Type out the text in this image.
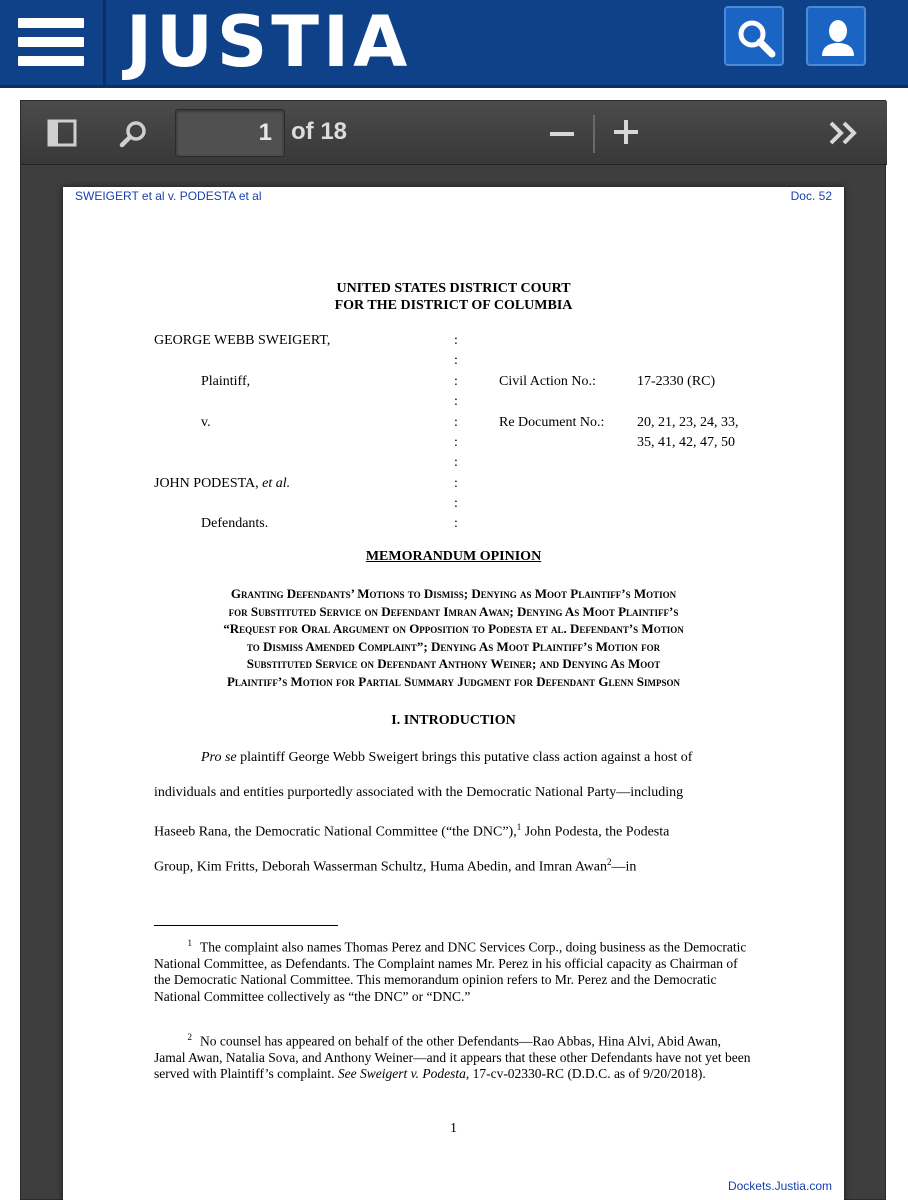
JUSTIA
1
of 18
SWEIGERT et al v. PODESTA et al	Doc. 52
UNITED STATES DISTRICT COURT
FOR THE DISTRICT OF COLUMBIA
GEORGE WEBB SWEIGERT,
Plaintiff,
v.
JOHN PODESTA, et al.
Defendants.
:
:
:
:
:
:
:
:
:
:
Civil Action No.:	17-2330 (RC)
Re Document No.: 20, 21, 23, 24, 33,
35, 41, 42, 47, 50
MEMORANDUM OPINION
Granting Defendants’ Motions to Dismiss; Denying as Moot Plaintiff’s Motion
for Substituted Service on Defendant Imran Awan; Denying As Moot Plaintiff’s
“Request for Oral Argument on Opposition to Podesta et al. Defendant’s Motion
to Dismiss Amended Complaint”; Denying As Moot Plaintiff’s Motion for
Substituted Service on Defendant Anthony Weiner; and Denying As Moot
Plaintiff’s Motion for Partial Summary Judgment for Defendant Glenn Simpson
I. INTRODUCTION
Pro se plaintiff George Webb Sweigert brings this putative class action against a host of
individuals and entities purportedly associated with the Democratic National Party—including
Haseeb Rana, the Democratic National Committee (“the DNC”),$^1$ John Podesta, the Podesta
Group, Kim Fritts, Deborah Wasserman Schultz, Huma Abedin, and Imran Awan$^2$—in
$^1$ The complaint also names Thomas Perez and DNC Services Corp., doing business as the Democratic National Committee, as Defendants. The Complaint names Mr. Perez in his official capacity as Chairman of the Democratic National Committee. This memorandum opinion refers to Mr. Perez and the Democratic National Committee collectively as “the DNC” or “DNC.”
$^2$ No counsel has appeared on behalf of the other Defendants—Rao Abbas, Hina Alvi, Abid Awan, Jamal Awan, Natalia Sova, and Anthony Weiner—and it appears that these other Defendants have not yet been served with Plaintiff’s complaint. See Sweigert v. Podesta, 17-cv-02330-RC (D.D.C. as of 9/20/2018).
1
Dockets.Justia.com
